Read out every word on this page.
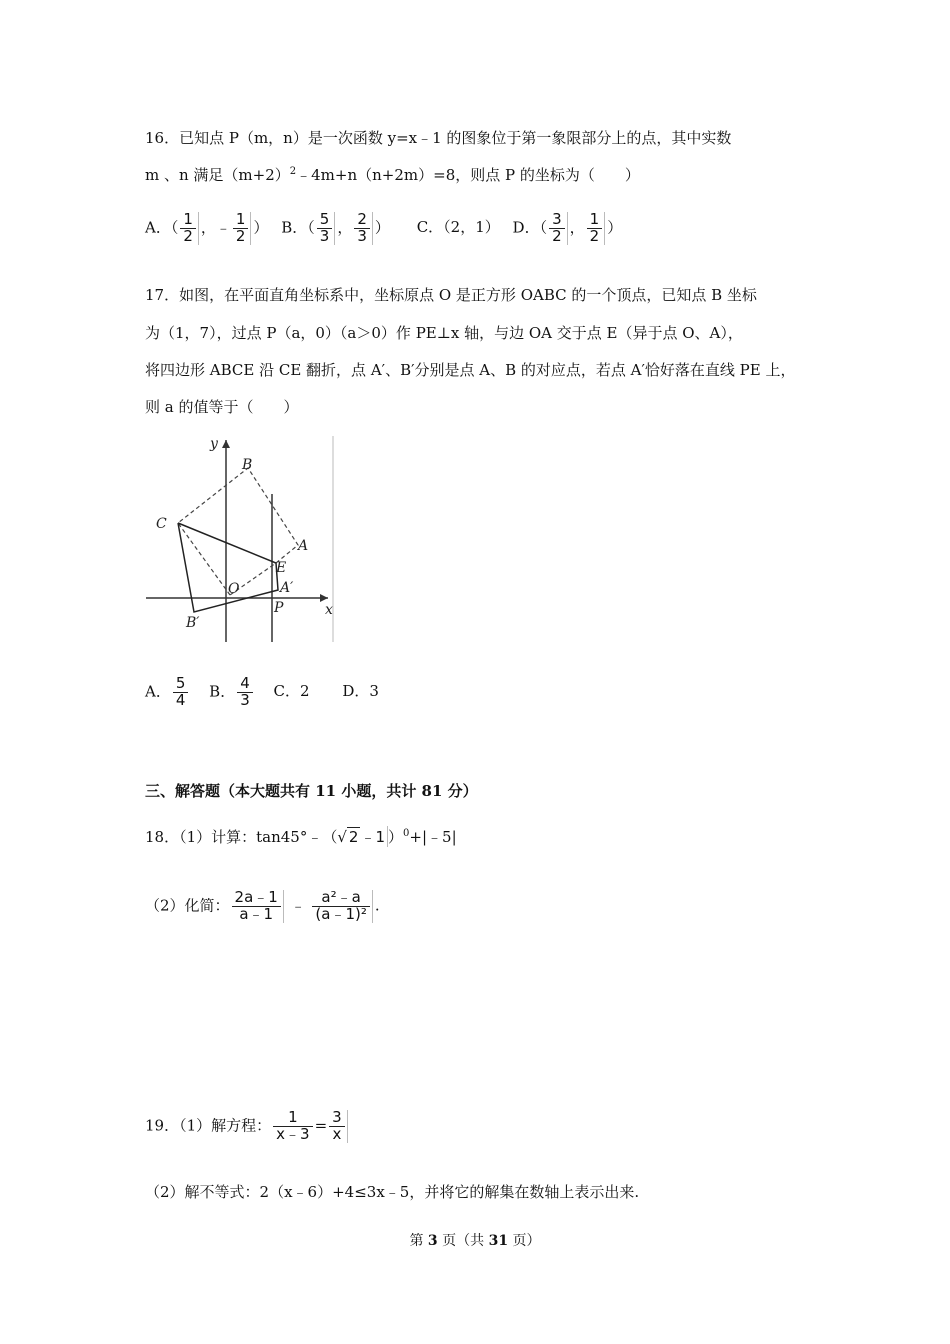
16．已知点 P（m，n）是一次函数 y=x﹣1 的图象位于第一象限部分上的点，其中实数
m 、n 满足$(m+2)^2﹣4m+n(n+2m)=8$，则点 P 的坐标为（　　）
A．（ $\frac{1}{2}$ ，﹣ $\frac{1}{2}$ ） B．（ $\frac{5}{3}$ ， $\frac{2}{3}$ ） C．（2，1） D．（ $\frac{3}{2}$ ， $\frac{1}{2}$ ）
17．如图，在平面直角坐标系中，坐标原点 O 是正方形 OABC 的一个顶点，已知点 B 坐标
为（1，7），过点 P（a，0）（a＞0）作 PE⊥x 轴，与边 OA 交于点 E（异于点 O、A），
将四边形 ABCE 沿 CE 翻折，点 A′、B′分别是点 A、B 的对应点，若点 A′恰好落在直线 PE 上，
则 a 的值等于（　　）
y
x
B
C
A
E
O	A′
P
B′
A． $\frac{5}{4}$ B． $\frac{4}{3}$ C．2 D．3
三、解答题（本大题共有 11 小题，共计 81 分）
18．（1）计算：tan45°﹣（√ 2 ﹣1 ）$^0$+|﹣5|
（2）化简： $\frac{2a﹣1}{a﹣1}$ ﹣ $\frac{\text{a²﹣a}}{\text{(a﹣1)²}}$ .
19．（1）解方程： $\frac{1}{x﹣3} = \frac{3}{x}$
（2）解不等式：2（x﹣6）+4≤3x﹣5，并将它的解集在数轴上表示出来.
第 3 页（共 31 页）
